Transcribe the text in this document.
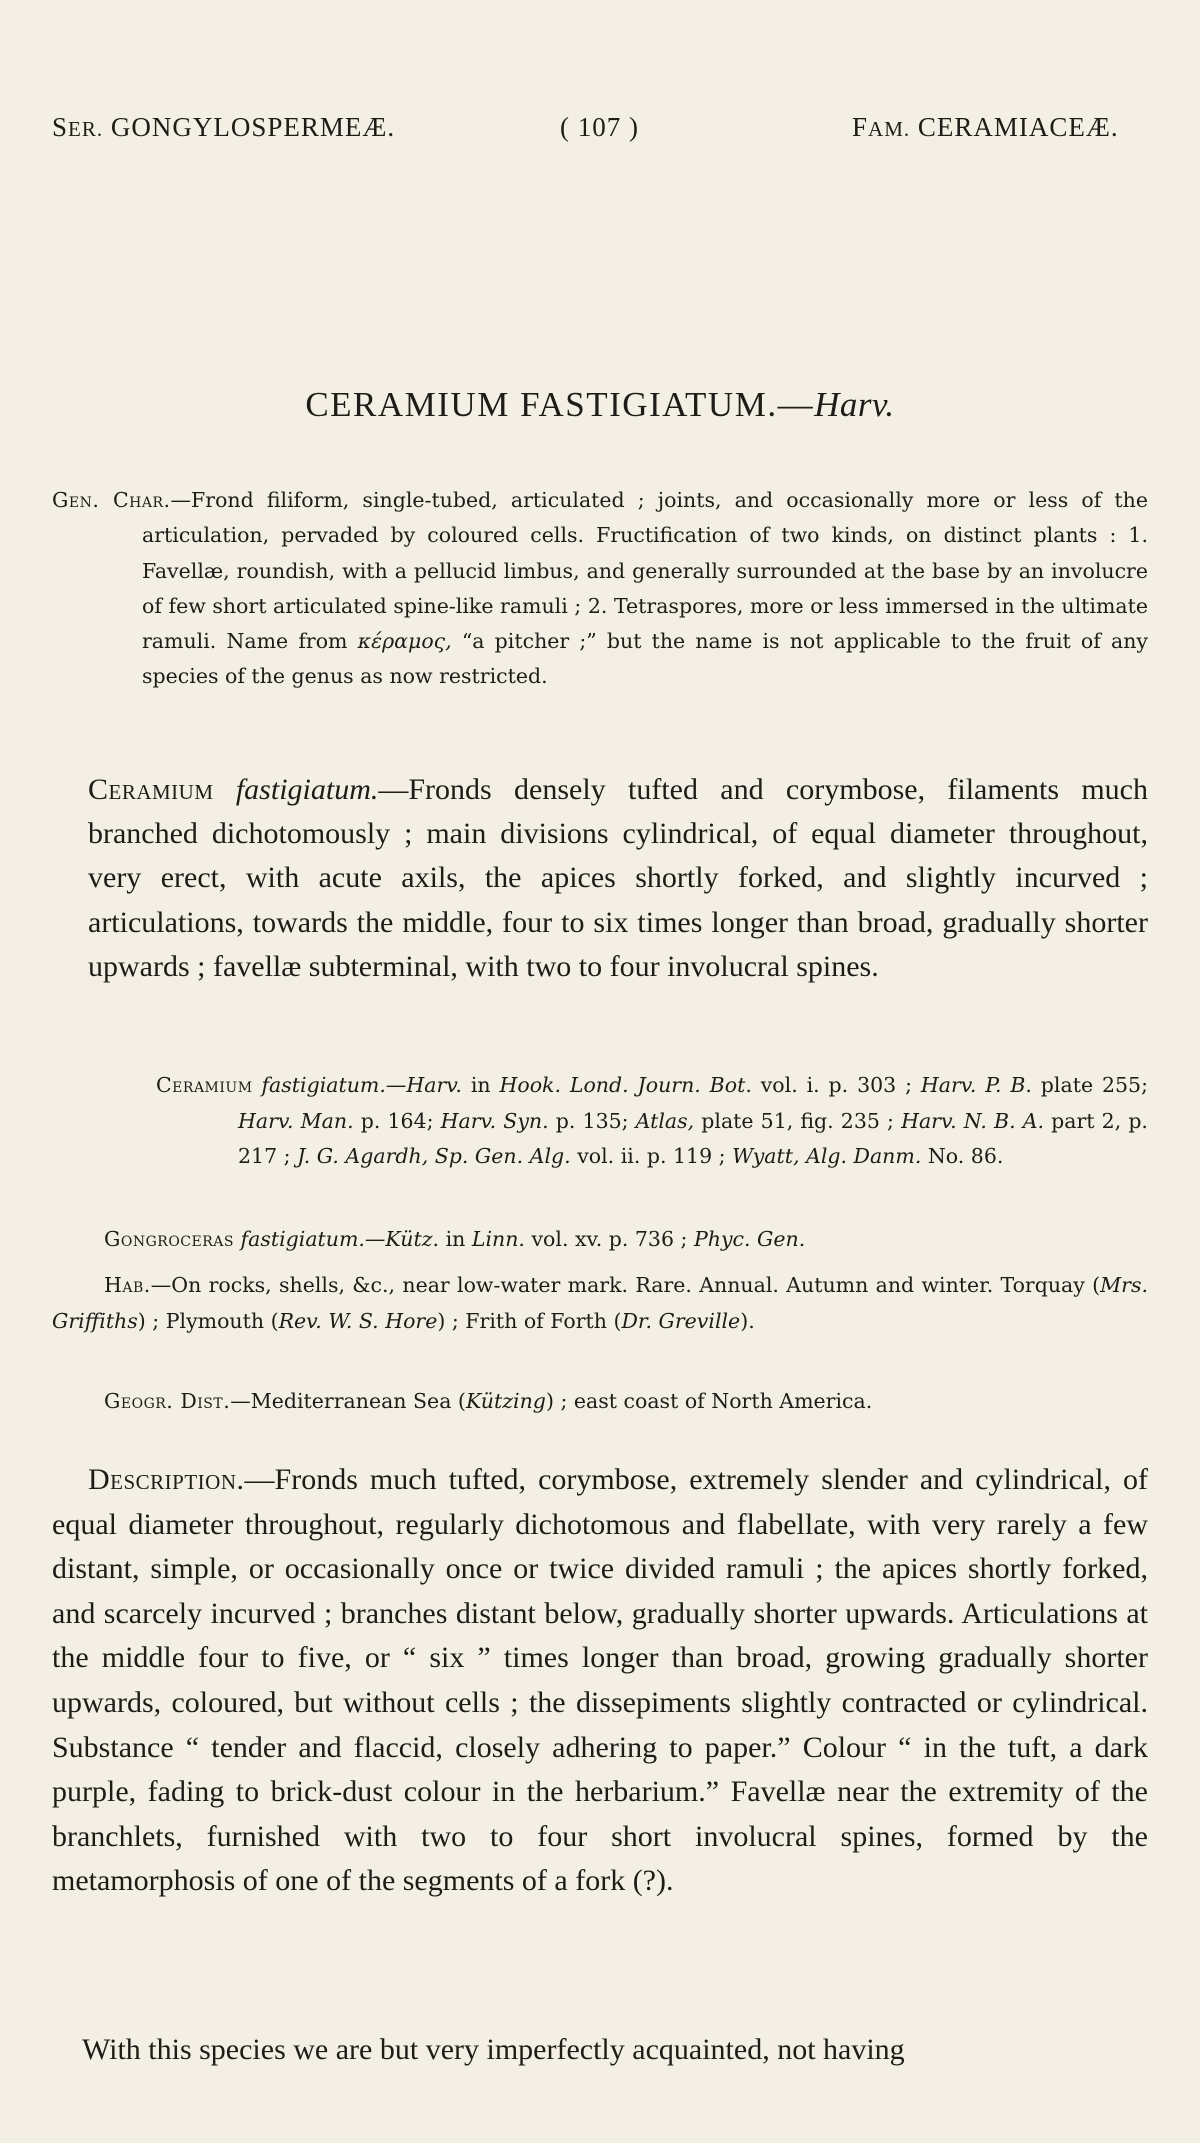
SER. GONGYLOSPERMEÆ.	( 107 )	FAM. CERAMIACEÆ.
CERAMIUM FASTIGIATUM.—Harv.

Gen. Char.—Frond filiform, single-tubed, articulated ; joints, and occasionally more or less of the articulation, pervaded by coloured cells. Fructification of two kinds, on distinct plants : 1. Favellæ, roundish, with a pellucid limbus, and generally surrounded at the base by an involucre of few short articulated spine-like ramuli ; 2. Tetraspores, more or less immersed in the ultimate ramuli. Name from κέραμος, “a pitcher ;” but the name is not applicable to the fruit of any species of the genus as now restricted.

Ceramium fastigiatum.—Fronds densely tufted and corymbose, filaments much branched dichotomously ; main divisions cylindrical, of equal diameter throughout, very erect, with acute axils, the apices shortly forked, and slightly incurved ; articulations, towards the middle, four to six times longer than broad, gradually shorter upwards ; favellæ subterminal, with two to four involucral spines.

Ceramium fastigiatum.—Harv. in Hook. Lond. Journ. Bot. vol. i. p. 303 ; Harv. P. B. plate 255; Harv. Man. p. 164; Harv. Syn. p. 135; Atlas, plate 51, fig. 235 ; Harv. N. B. A. part 2, p. 217 ; J. G. Agardh, Sp. Gen. Alg. vol. ii. p. 119 ; Wyatt, Alg. Danm. No. 86.

Gongroceras fastigiatum.—Kütz. in Linn. vol. xv. p. 736 ; Phyc. Gen.

Hab.—On rocks, shells, &c., near low-water mark. Rare. Annual. Autumn and winter. Torquay (Mrs. Griffiths) ; Plymouth (Rev. W. S. Hore) ; Frith of Forth (Dr. Greville).

Geogr. Dist.—Mediterranean Sea (Kützing) ; east coast of North America.

Description.—Fronds much tufted, corymbose, extremely slender and cylindrical, of equal diameter throughout, regularly dichotomous and flabellate, with very rarely a few distant, simple, or occasionally once or twice divided ramuli ; the apices shortly forked, and scarcely incurved ; branches distant below, gradually shorter upwards. Articulations at the middle four to five, or “ six ” times longer than broad, growing gradually shorter upwards, coloured, but without cells ; the dissepiments slightly contracted or cylindrical. Substance “ tender and flaccid, closely adhering to paper.” Colour “ in the tuft, a dark purple, fading to brick-dust colour in the herbarium.” Favellæ near the extremity of the branchlets, furnished with two to four short involucral spines, formed by the metamorphosis of one of the segments of a fork (?).

With this species we are but very imperfectly acquainted, not having
